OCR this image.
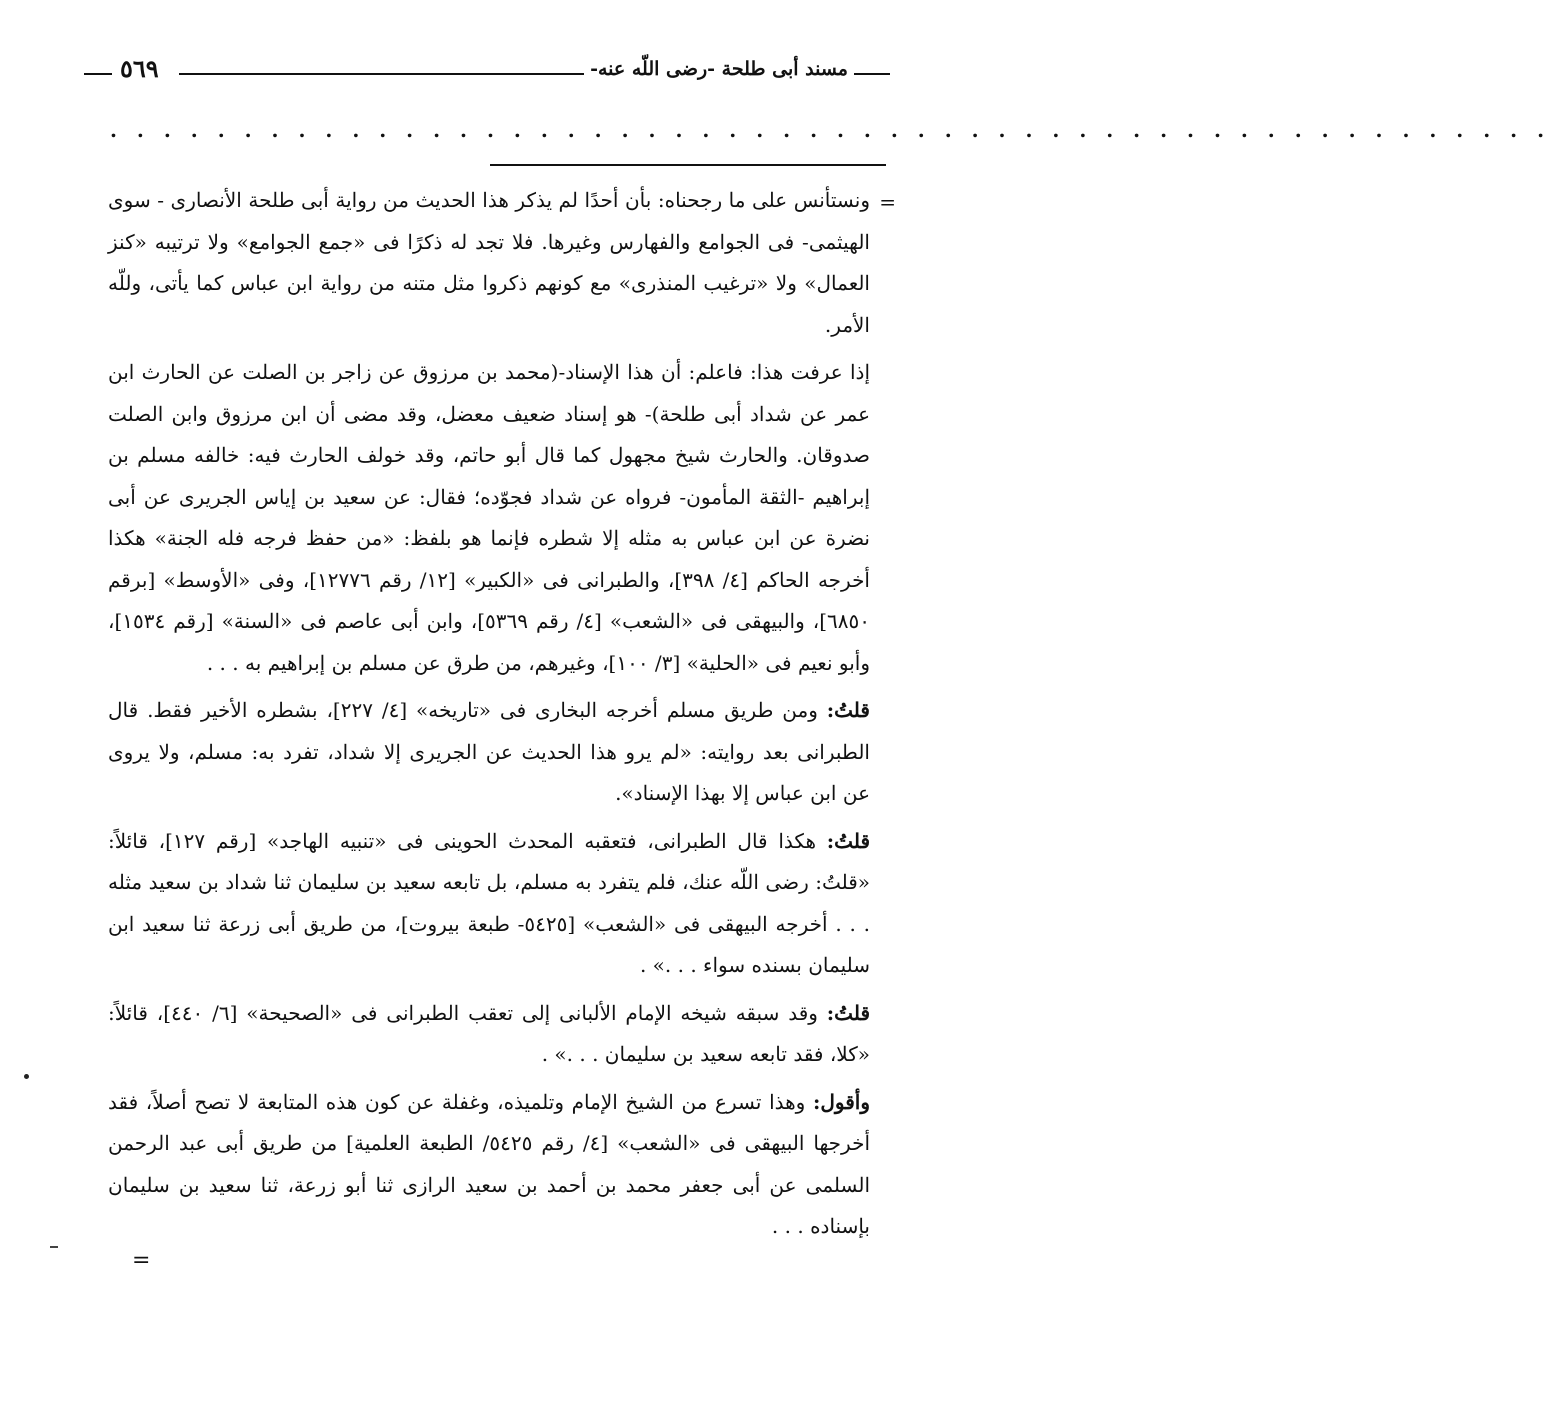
مسند أبى طلحة -رضى اللّه عنه-
٥٦٩
. . . . . . . . . . . . . . . . . . . . . . . . . . . . . . . . . . . . . . . . . . . . . . . . . . . . . .
=

ونستأنس على ما رجحناه: بأن أحدًا لم يذكر هذا الحديث من رواية أبى طلحة الأنصارى - سوى الهيثمى- فى الجوامع والفهارس وغيرها. فلا تجد له ذكرًا فى «جمع الجوامع» ولا ترتيبه «كنز العمال» ولا «ترغيب المنذرى» مع كونهم ذكروا مثل متنه من رواية ابن عباس كما يأتى، وللّه الأمر.

إذا عرفت هذا: فاعلم: أن هذا الإسناد-(محمد بن مرزوق عن زاجر بن الصلت عن الحارث ابن عمر عن شداد أبى طلحة)- هو إسناد ضعيف معضل، وقد مضى أن ابن مرزوق وابن الصلت صدوقان. والحارث شيخ مجهول كما قال أبو حاتم، وقد خولف الحارث فيه: خالفه مسلم بن إبراهيم -الثقة المأمون- فرواه عن شداد فجوّده؛ فقال: عن سعيد بن إياس الجريرى عن أبى نضرة عن ابن عباس به مثله إلا شطره فإنما هو بلفظ: «من حفظ فرجه فله الجنة» هكذا أخرجه الحاكم [٤/ ٣٩٨]، والطبرانى فى «الكبير» [١٢/ رقم ١٢٧٧٦]، وفى «الأوسط» [برقم ٦٨٥٠]، والبيهقى فى «الشعب» [٤/ رقم ٥٣٦٩]، وابن أبى عاصم فى «السنة» [رقم ١٥٣٤]، وأبو نعيم فى «الحلية» [٣/ ١٠٠]، وغيرهم، من طرق عن مسلم بن إبراهيم به . . .

قلتُ: ومن طريق مسلم أخرجه البخارى فى «تاريخه» [٤/ ٢٢٧]، بشطره الأخير فقط. قال الطبرانى بعد روايته: «لم يرو هذا الحديث عن الجريرى إلا شداد، تفرد به: مسلم، ولا يروى عن ابن عباس إلا بهذا الإسناد».

قلتُ: هكذا قال الطبرانى، فتعقبه المحدث الحوينى فى «تنبيه الهاجد» [رقم ١٢٧]، قائلاً: «قلتُ: رضى اللّه عنك، فلم يتفرد به مسلم، بل تابعه سعيد بن سليمان ثنا شداد بن سعيد مثله . . . أخرجه البيهقى فى «الشعب» [٥٤٢٥- طبعة بيروت]، من طريق أبى زرعة ثنا سعيد ابن سليمان بسنده سواء . . .» .

قلتُ: وقد سبقه شيخه الإمام الألبانى إلى تعقب الطبرانى فى «الصحيحة» [٦/ ٤٤٠]، قائلاً: «كلا، فقد تابعه سعيد بن سليمان . . .» .

وأقول: وهذا تسرع من الشيخ الإمام وتلميذه، وغفلة عن كون هذه المتابعة لا تصح أصلاً، فقد أخرجها البيهقى فى «الشعب» [٤/ رقم ٥٤٢٥/ الطبعة العلمية] من طريق أبى عبد الرحمن السلمى عن أبى جعفر محمد بن أحمد بن سعيد الرازى ثنا أبو زرعة، ثنا سعيد بن سليمان بإسناده . . .

=
